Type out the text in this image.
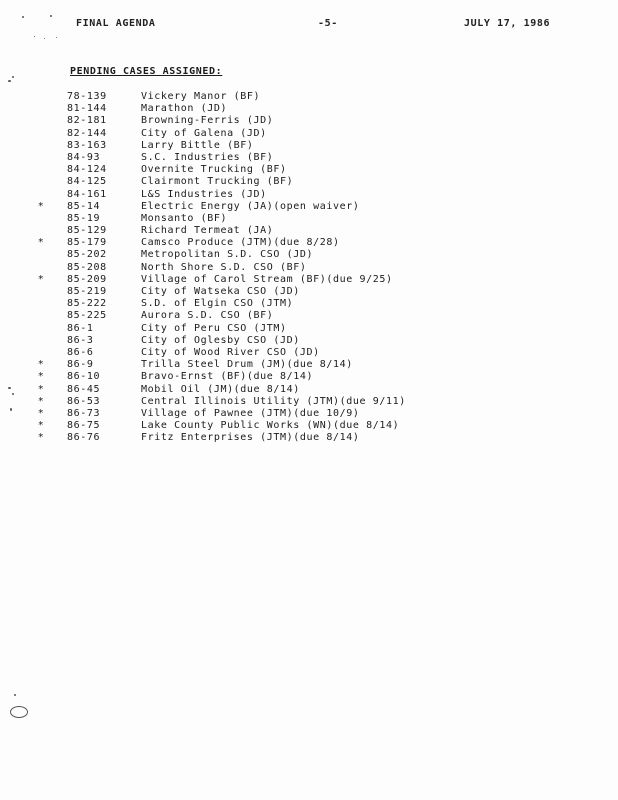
FINAL AGENDA	-5-	JULY 17, 1986
PENDING CASES ASSIGNED:
78-139	Vickery Manor (BF)
81-144	Marathon (JD)
82-181	Browning-Ferris (JD)
82-144	City of Galena (JD)
83-163	Larry Bittle (BF)
84-93	S.C. Industries (BF)
84-124	Overnite Trucking (BF)
84-125	Clairmont Trucking (BF)
84-161	L&S Industries (JD)
* 85-14	Electric Energy (JA)(open waiver)
85-19	Monsanto (BF)
85-129	Richard Termeat (JA)
* 85-179	Camsco Produce (JTM)(due 8/28)
85-202	Metropolitan S.D. CSO (JD)
85-208	North Shore S.D. CSO (BF)
* 85-209	Village of Carol Stream (BF)(due 9/25)
85-219	City of Watseka CSO (JD)
85-222	S.D. of Elgin CSO (JTM)
85-225	Aurora S.D. CSO (BF)
86-1	City of Peru CSO (JTM)
86-3	City of Oglesby CSO (JD)
86-6	City of Wood River CSO (JD)
* 86-9	Trilla Steel Drum (JM)(due 8/14)
* 86-10	Bravo-Ernst (BF)(due 8/14)
* 86-45	Mobil Oil (JM)(due 8/14)
* 86-53	Central Illinois Utility (JTM)(due 9/11)
* 86-73	Village of Pawnee (JTM)(due 10/9)
* 86-75	Lake County Public Works (WN)(due 8/14)
* 86-76	Fritz Enterprises (JTM)(due 8/14)
